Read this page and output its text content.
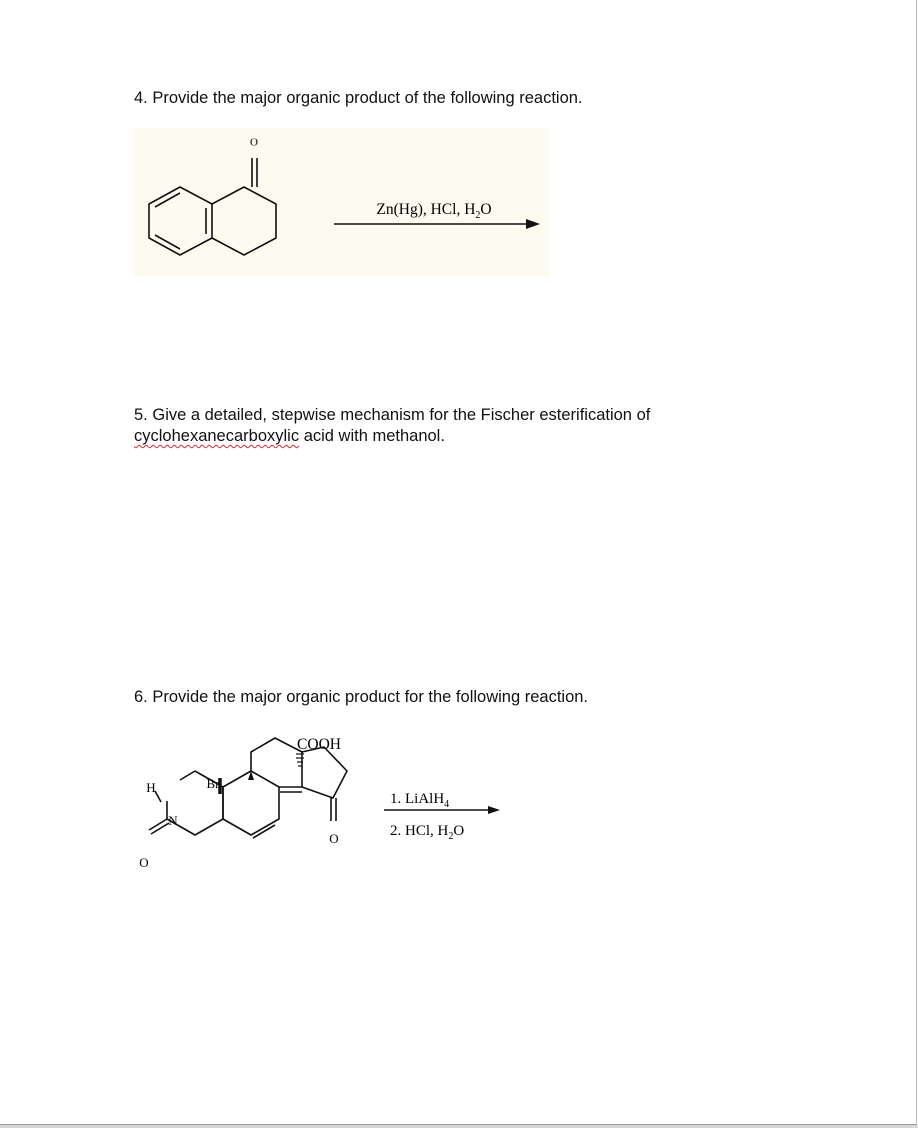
4. Provide the major organic product of the following reaction.

O
Zn(Hg), HCl, $H_2O$

5. Give a detailed, stepwise mechanism for the Fischer esterification of cyclohexanecarboxylic acid with methanol.

6. Provide the major organic product for the following reaction.

COOH
H	Br
N
O
O
1. LiAlH$_4$
2. HCl, $H_2O$
